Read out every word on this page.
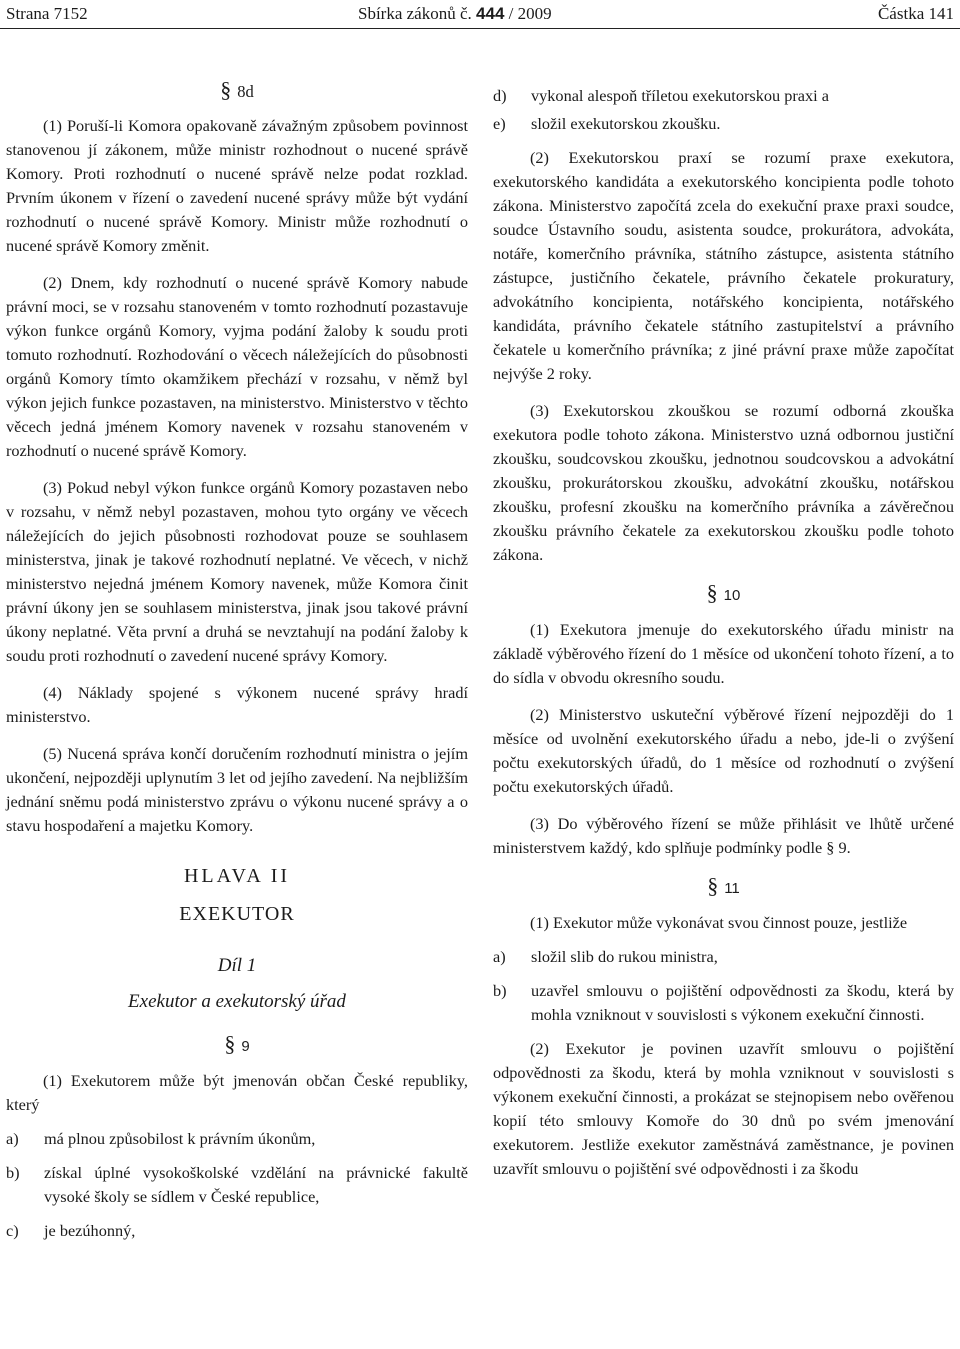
Strana 7152	Sbírka zákonů č. 444 / 2009	Částka 141
§ 8d

(1) Poruší-li Komora opakovaně závažným způsobem povinnost stanovenou jí zákonem, může ministr rozhodnout o nucené správě Komory. Proti rozhodnutí o nucené správě nelze podat rozklad. Prvním úkonem v řízení o zavedení nucené správy může být vydání rozhodnutí o nucené správě Komory. Ministr může rozhodnutí o nucené správě Komory změnit.

(2) Dnem, kdy rozhodnutí o nucené správě Komory nabude právní moci, se v rozsahu stanoveném v tomto rozhodnutí pozastavuje výkon funkce orgánů Komory, vyjma podání žaloby k soudu proti tomuto rozhodnutí. Rozhodování o věcech náležejících do působnosti orgánů Komory tímto okamžikem přechází v rozsahu, v němž byl výkon jejich funkce pozastaven, na ministerstvo. Ministerstvo v těchto věcech jedná jménem Komory navenek v rozsahu stanoveném v rozhodnutí o nucené správě Komory.

(3) Pokud nebyl výkon funkce orgánů Komory pozastaven nebo v rozsahu, v němž nebyl pozastaven, mohou tyto orgány ve věcech náležejících do jejich působnosti rozhodovat pouze se souhlasem ministerstva, jinak je takové rozhodnutí neplatné. Ve věcech, v nichž ministerstvo nejedná jménem Komory navenek, může Komora činit právní úkony jen se souhlasem ministerstva, jinak jsou takové právní úkony neplatné. Věta první a druhá se nevztahují na podání žaloby k soudu proti rozhodnutí o zavedení nucené správy Komory.

(4) Náklady spojené s výkonem nucené správy hradí ministerstvo.

(5) Nucená správa končí doručením rozhodnutí ministra o jejím ukončení, nejpozději uplynutím 3 let od jejího zavedení. Na nejbližším jednání sněmu podá ministerstvo zprávu o výkonu nucené správy a o stavu hospodaření a majetku Komory.

HLAVA II
EXEKUTOR
Díl 1
Exekutor a exekutorský úřad
§ 9

(1) Exekutorem může být jmenován občan České republiky, který

a)	má plnou způsobilost k právním úkonům,
b)	získal úplné vysokoškolské vzdělání na právnické fakultě vysoké školy se sídlem v České republice,
c)	je bezúhonný,
d)	vykonal alespoň tříletou exekutorskou praxi a
e)	složil exekutorskou zkoušku.

(2) Exekutorskou praxí se rozumí praxe exekutora, exekutorského kandidáta a exekutorského koncipienta podle tohoto zákona. Ministerstvo započítá zcela do exekuční praxe praxi soudce, soudce Ústavního soudu, asistenta soudce, prokurátora, advokáta, notáře, komerčního právníka, státního zástupce, asistenta státního zástupce, justičního čekatele, právního čekatele prokuratury, advokátního koncipienta, notářského koncipienta, notářského kandidáta, právního čekatele státního zastupitelství a právního čekatele u komerčního právníka; z jiné právní praxe může započítat nejvýše 2 roky.

(3) Exekutorskou zkouškou se rozumí odborná zkouška exekutora podle tohoto zákona. Ministerstvo uzná odbornou justiční zkoušku, soudcovskou zkoušku, jednotnou soudcovskou a advokátní zkoušku, prokurátorskou zkoušku, advokátní zkoušku, notářskou zkoušku, profesní zkoušku na komerčního právníka a závěrečnou zkoušku právního čekatele za exekutorskou zkoušku podle tohoto zákona.

§ 10

(1) Exekutora jmenuje do exekutorského úřadu ministr na základě výběrového řízení do 1 měsíce od ukončení tohoto řízení, a to do sídla v obvodu okresního soudu.

(2) Ministerstvo uskuteční výběrové řízení nejpozději do 1 měsíce od uvolnění exekutorského úřadu a nebo, jde-li o zvýšení počtu exekutorských úřadů, do 1 měsíce od rozhodnutí o zvýšení počtu exekutorských úřadů.

(3) Do výběrového řízení se může přihlásit ve lhůtě určené ministerstvem každý, kdo splňuje podmínky podle § 9.

§ 11

(1) Exekutor může vykonávat svou činnost pouze, jestliže

a)	složil slib do rukou ministra,
b)	uzavřel smlouvu o pojištění odpovědnosti za škodu, která by mohla vzniknout v souvislosti s výkonem exekuční činnosti.

(2) Exekutor je povinen uzavřít smlouvu o pojištění odpovědnosti za škodu, která by mohla vzniknout v souvislosti s výkonem exekuční činnosti, a prokázat se stejnopisem nebo ověřenou kopií této smlouvy Komoře do 30 dnů po svém jmenování exekutorem. Jestliže exekutor zaměstnává zaměstnance, je povinen uzavřít smlouvu o pojištění své odpovědnosti i za škodu
